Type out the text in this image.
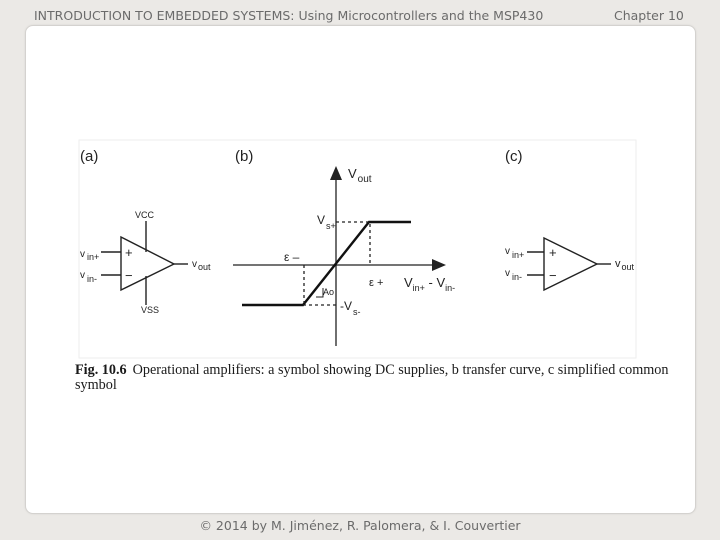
INTRODUCTION TO EMBEDDED SYSTEMS: Using Microcontrollers and the MSP430	Chapter 10
(a)
VCC
VSS
+
−
v in+
v in-
vout
(b)
Ao
$V_{out}$
$V_{s+}$
$-V_{s-}$
ε –
$\varepsilon + V_{in+} - V_{in-}$
(c)
+
−
v in+
v in-
$v_{out}$
Fig. 10.6 Operational amplifiers: a symbol showing DC supplies, b transfer curve, c simplified common symbol
© 2014 by M. Jiménez, R. Palomera, & I. Couvertier
